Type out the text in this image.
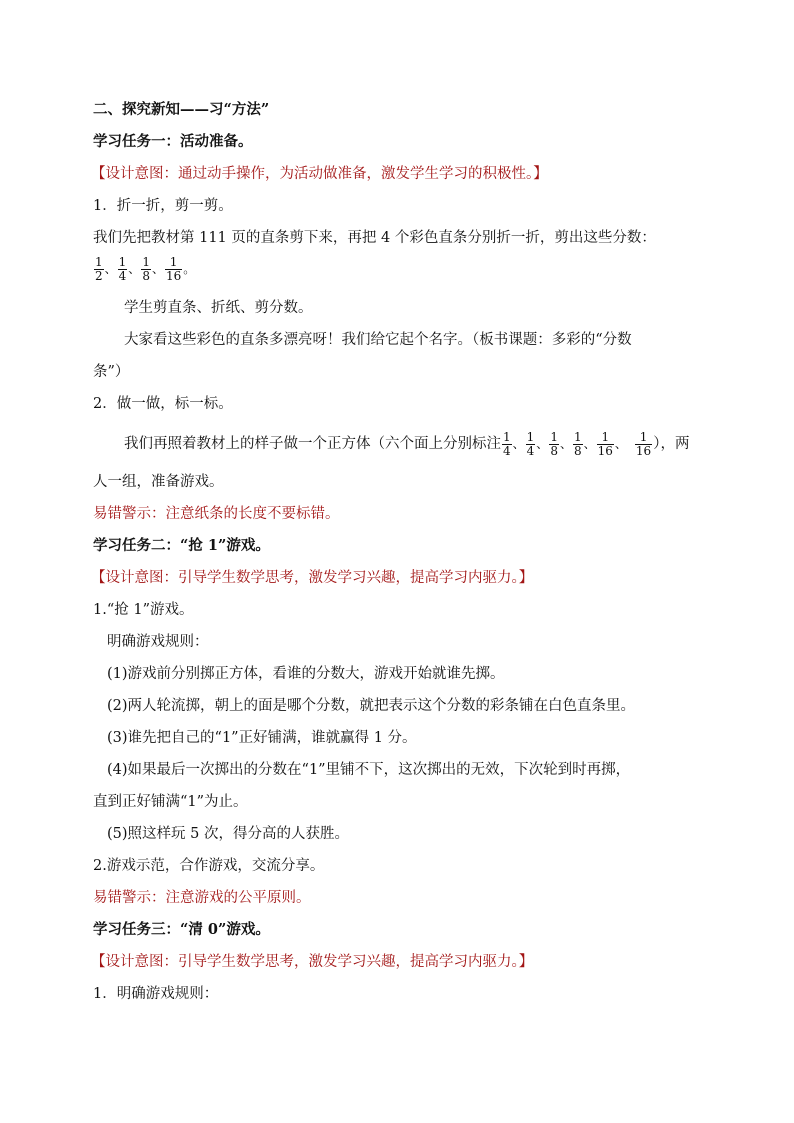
二、探究新知——习“方法”
学习任务一：活动准备。
【设计意图：通过动手操作，为活动做准备，激发学生学习的积极性。】
1．折一折，剪一剪。
我们先把教材第 111 页的直条剪下来，再把 4 个彩色直条分别折一折，剪出这些分数：
$\frac{1}{2}$ 、 $\frac{1}{4}$ 、 $\frac{1}{8}$ 、 $\frac{1}{16}$ 。
学生剪直条、折纸、剪分数。
大家看这些彩色的直条多漂亮呀！我们给它起个名字。（板书课题：多彩的“分数
条”）
2．做一做，标一标。
我们再照着教材上的样子做一个正方体（六个面上分别标注 $\frac{1}{4}$ 、 $\frac{1}{4}$ 、 $\frac{1}{8}$ 、 $\frac{1}{8}$ 、 $\frac{1}{16}$ 、 $\frac{1}{16}$ ），两
人一组，准备游戏。
易错警示：注意纸条的长度不要标错。
学习任务二：“抢 1”游戏。
【设计意图：引导学生数学思考，激发学习兴趣，提高学习内驱力。】
1.“抢 1”游戏。
明确游戏规则：
(1)游戏前分别掷正方体，看谁的分数大，游戏开始就谁先掷。
(2)两人轮流掷，朝上的面是哪个分数，就把表示这个分数的彩条铺在白色直条里。
(3)谁先把自己的“1”正好铺满，谁就赢得 1 分。
(4)如果最后一次掷出的分数在“1”里铺不下，这次掷出的无效，下次轮到时再掷，
直到正好铺满“1”为止。
(5)照这样玩 5 次，得分高的人获胜。
2.游戏示范，合作游戏，交流分享。
易错警示：注意游戏的公平原则。
学习任务三：“清 0”游戏。
【设计意图：引导学生数学思考，激发学习兴趣，提高学习内驱力。】
1．明确游戏规则：
